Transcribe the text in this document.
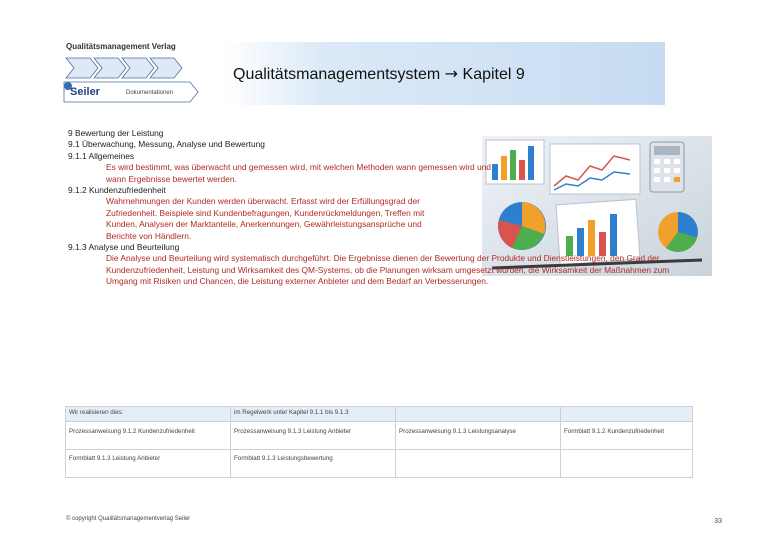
Qualitätsmanagement Verlag
Seiler	Dokumentationen
Qualitätsmanagementsystem → Kapitel 9
9 Bewertung der Leistung
9.1 Überwachung, Messung, Analyse und Bewertung
9.1.1 Allgemeines
Es wird bestimmt, was überwacht und gemessen wird, mit welchen Methoden wann gemessen wird und wann Ergebnisse bewertet werden.
9.1.2 Kundenzufriedenheit
Wahrnehmungen der Kunden werden überwacht. Erfasst wird der Erfüllungsgrad der Zufriedenheit. Beispiele sind Kundenbefragungen, Kundenrückmeldungen, Treffen mit Kunden, Analysen der Marktanteile, Anerkennungen, Gewährleistungsansprüche und Berichte von Händlern.
9.1.3 Analyse und Beurteilung
Die Analyse und Beurteilung wird systematisch durchgeführt. Die Ergebnisse dienen der Bewertung der Produkte und Dienstleistungen, den Grad der Kundenzufriedenheit, Leistung und Wirksamkeit des QM-Systems, ob die Planungen wirksam umgesetzt wurden, die Wirksamkeit der Maßnahmen zum Umgang mit Risiken und Chancen, die Leistung externer Anbieter und dem Bedarf an Verbesserungen.
Wir realisieren dies:	im Regelwerk unter Kapitel 9.1.1 bis 9.1.3		
Prozessanweisung 9.1.2 Kundenzufriedenheit	Prozessanweisung 9.1.3 Leistung Anbieter	Prozessanweisung 9.1.3 Leistungsanalyse	Formblatt 9.1.2 Kundenzufriedenheit
Formblatt 9.1.3 Leistung Anbieter	Formblatt 9.1.3 Leistungsbewertung		
© copyright Qualitätsmanagementverlag Seiler	33
